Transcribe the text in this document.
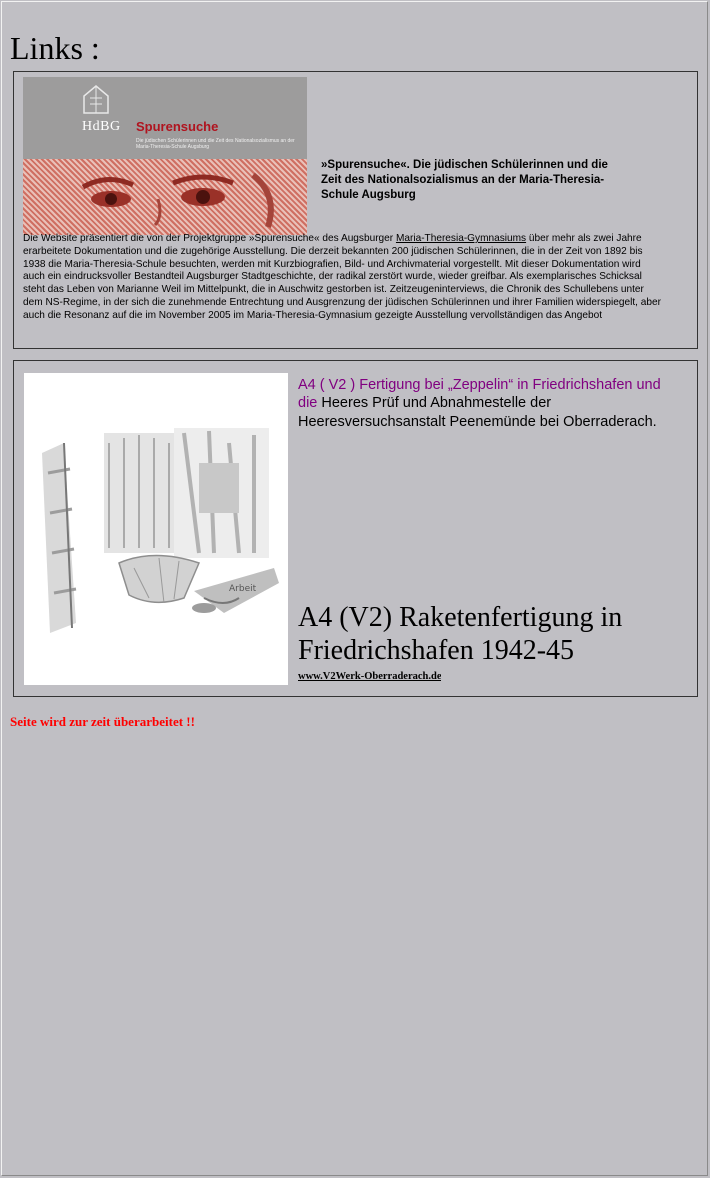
Links :
HdBG Spurensuche
Die jüdischen Schülerinnen und die Zeit des Nationalsozialismus an der Maria-Theresia-Schule Augsburg
»Spurensuche«. Die jüdischen Schülerinnen und die Zeit des Nationalsozialismus an der Maria-Theresia-Schule Augsburg
Die Website präsentiert die von der Projektgruppe »Spurensuche« des Augsburger Maria-Theresia-Gymnasiums über mehr als zwei Jahre erarbeitete Dokumentation und die zugehörige Ausstellung. Die derzeit bekannten 200 jüdischen Schülerinnen, die in der Zeit von 1892 bis 1938 die Maria-Theresia-Schule besuchten, werden mit Kurzbiografien, Bild- und Archivmaterial vorgestellt. Mit dieser Dokumentation wird auch ein eindrucksvoller Bestandteil Augsburger Stadtgeschichte, der radikal zerstört wurde, wieder greifbar. Als exemplarisches Schicksal steht das Leben von Marianne Weil im Mittelpunkt, die in Auschwitz gestorben ist. Zeitzeugeninterviews, die Chronik des Schullebens unter dem NS-Regime, in der sich die zunehmende Entrechtung und Ausgrenzung der jüdischen Schülerinnen und ihrer Familien widerspiegelt, aber auch die Resonanz auf die im November 2005 im Maria-Theresia-Gymnasium gezeigte Ausstellung vervollständigen das Angebot
Arbeit
A4 ( V2 ) Fertigung bei „Zeppelin“ in Friedrichshafen und die Heeres Prüf und Abnahmestelle der Heeresversuchsanstalt Peenemünde bei Oberraderach.
A4 (V2) Raketenfertigung in Friedrichshafen 1942-45
www.V2Werk-Oberraderach.de
Seite wird zur zeit überarbeitet !!
